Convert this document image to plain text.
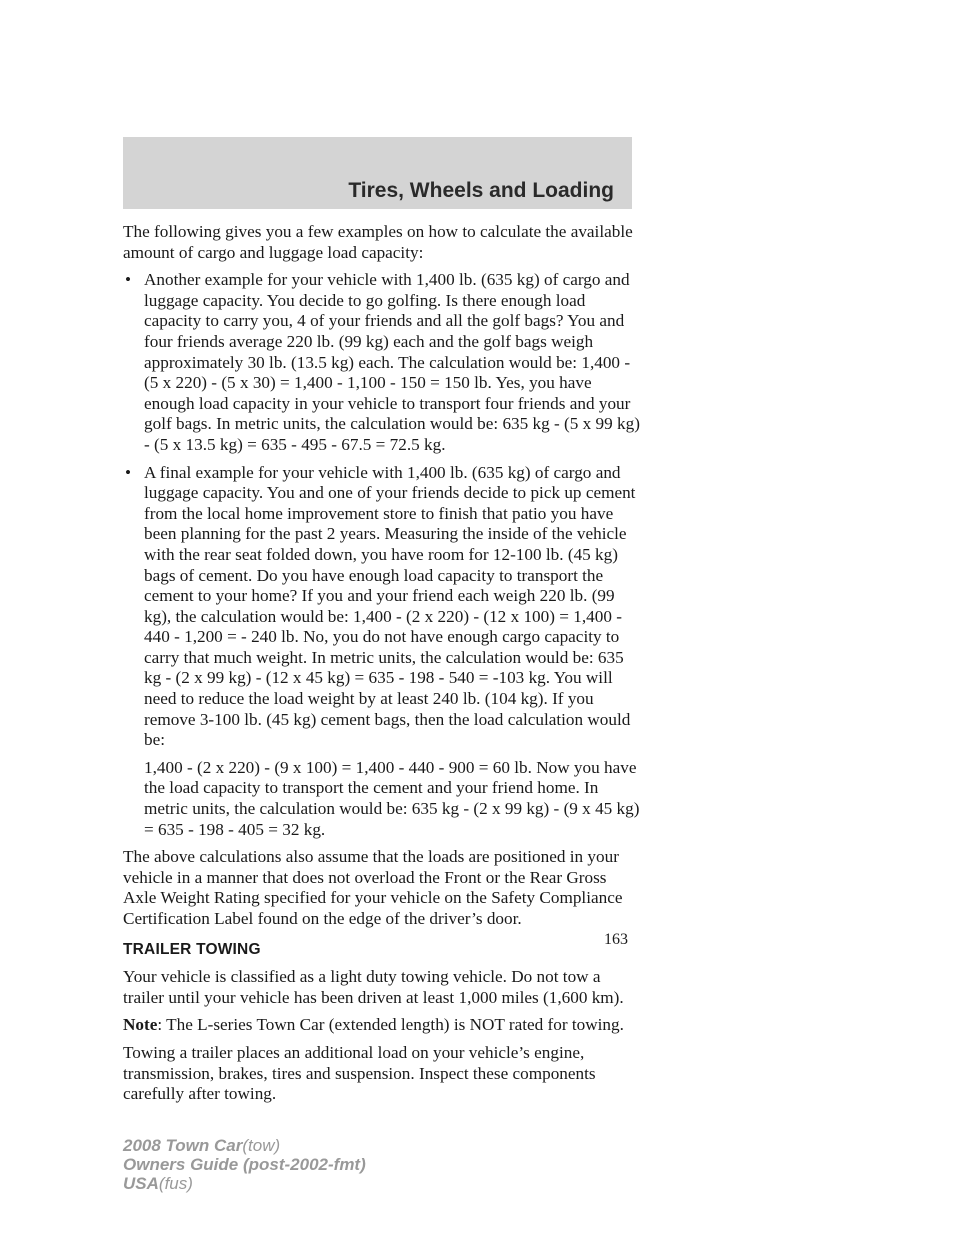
Tires, Wheels and Loading

The following gives you a few examples on how to calculate the available amount of cargo and luggage load capacity:

• Another example for your vehicle with 1,400 lb. (635 kg) of cargo and luggage capacity. You decide to go golfing. Is there enough load capacity to carry you, 4 of your friends and all the golf bags? You and four friends average 220 lb. (99 kg) each and the golf bags weigh approximately 30 lb. (13.5 kg) each. The calculation would be: 1,400 - (5 x 220) - (5 x 30) = 1,400 - 1,100 - 150 = 150 lb. Yes, you have enough load capacity in your vehicle to transport four friends and your golf bags. In metric units, the calculation would be: 635 kg - (5 x 99 kg) - (5 x 13.5 kg) = 635 - 495 - 67.5 = 72.5 kg.
• A final example for your vehicle with 1,400 lb. (635 kg) of cargo and luggage capacity. You and one of your friends decide to pick up cement from the local home improvement store to finish that patio you have been planning for the past 2 years. Measuring the inside of the vehicle with the rear seat folded down, you have room for 12-100 lb. (45 kg) bags of cement. Do you have enough load capacity to transport the cement to your home? If you and your friend each weigh 220 lb. (99 kg), the calculation would be: 1,400 - (2 x 220) - (12 x 100) = 1,400 - 440 - 1,200 = - 240 lb. No, you do not have enough cargo capacity to carry that much weight. In metric units, the calculation would be: 635 kg - (2 x 99 kg) - (12 x 45 kg) = 635 - 198 - 540 = -103 kg. You will need to reduce the load weight by at least 240 lb. (104 kg). If you remove 3-100 lb. (45 kg) cement bags, then the load calculation would be:

1,400 - (2 x 220) - (9 x 100) = 1,400 - 440 - 900 = 60 lb. Now you have the load capacity to transport the cement and your friend home. In metric units, the calculation would be: 635 kg - (2 x 99 kg) - (9 x 45 kg) = 635 - 198 - 405 = 32 kg.

The above calculations also assume that the loads are positioned in your vehicle in a manner that does not overload the Front or the Rear Gross Axle Weight Rating specified for your vehicle on the Safety Compliance Certification Label found on the edge of the driver’s door.

TRAILER TOWING

Your vehicle is classified as a light duty towing vehicle. Do not tow a trailer until your vehicle has been driven at least 1,000 miles (1,600 km).

Note: The L-series Town Car (extended length) is NOT rated for towing.

Towing a trailer places an additional load on your vehicle’s engine, transmission, brakes, tires and suspension. Inspect these components carefully after towing.

163
2008 Town Car(tow)
Owners Guide (post-2002-fmt)
USA(fus)
